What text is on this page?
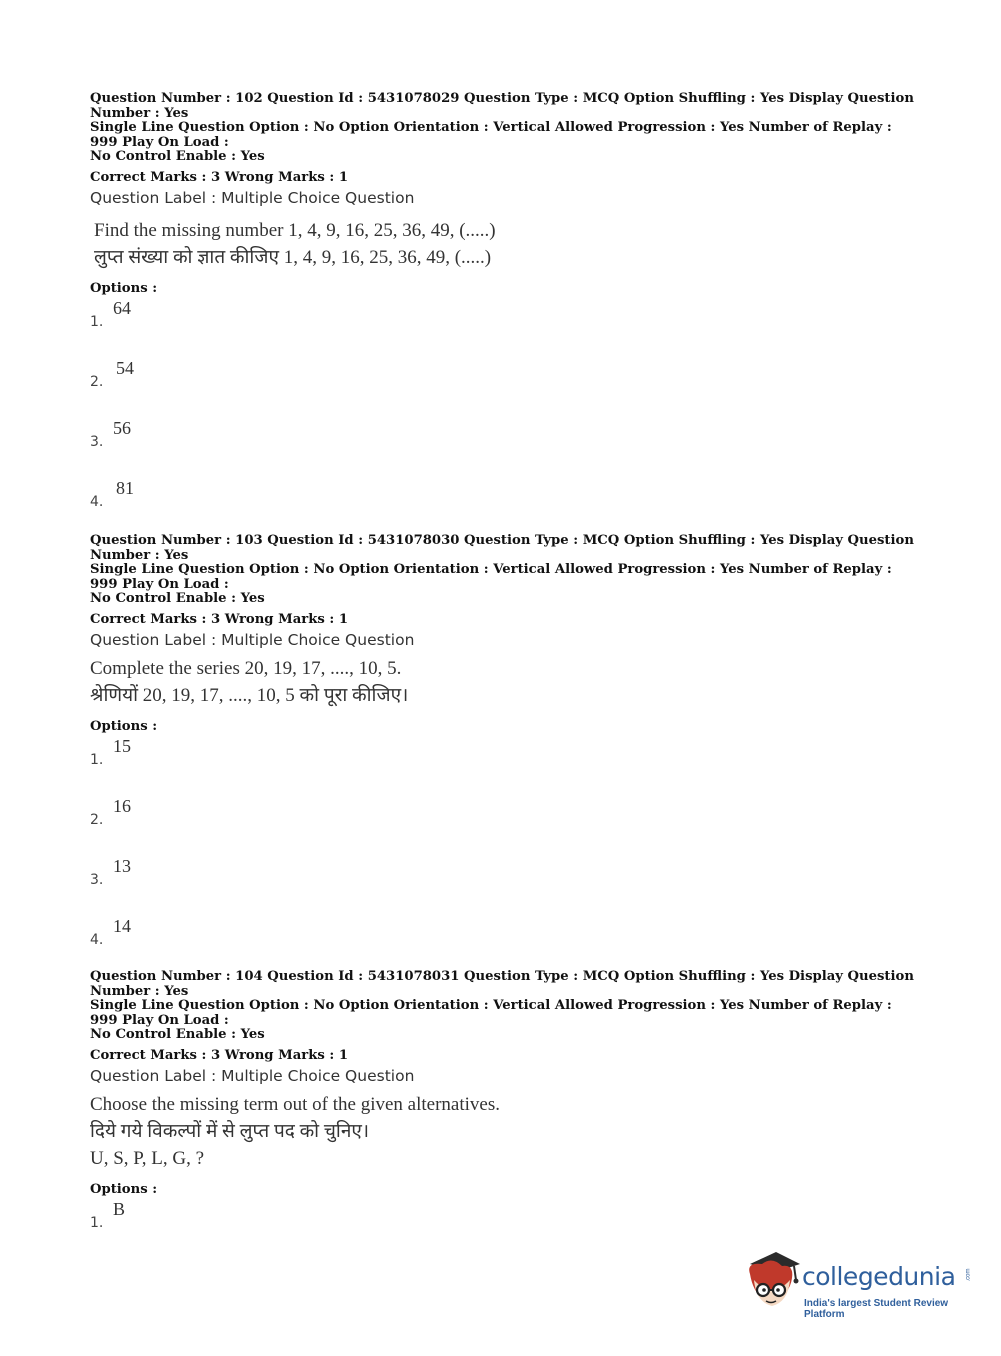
Question Number : 102 Question Id : 5431078029 Question Type : MCQ Option Shuffling : Yes Display Question Number : Yes

Single Line Question Option : No Option Orientation : Vertical Allowed Progression : Yes Number of Replay : 999 Play On Load :

No Control Enable : Yes

Correct Marks : 3 Wrong Marks : 1
Question Label : Multiple Choice Question
Find the missing number 1, 4, 9, 16, 25, 36, 49, (.....)
लुप्त संख्या को ज्ञात कीजिए 1, 4, 9, 16, 25, 36, 49, (.....)
Options :
1.
64
2.
54
3.
56
4.
81

Question Number : 103 Question Id : 5431078030 Question Type : MCQ Option Shuffling : Yes Display Question Number : Yes

Single Line Question Option : No Option Orientation : Vertical Allowed Progression : Yes Number of Replay : 999 Play On Load :

No Control Enable : Yes

Correct Marks : 3 Wrong Marks : 1
Question Label : Multiple Choice Question
Complete the series 20, 19, 17, ...., 10, 5.
श्रेणियों 20, 19, 17, ...., 10, 5 को पूरा कीजिए।
Options :
1.
15
2.
16
3.
13
4.
14

Question Number : 104 Question Id : 5431078031 Question Type : MCQ Option Shuffling : Yes Display Question Number : Yes

Single Line Question Option : No Option Orientation : Vertical Allowed Progression : Yes Number of Replay : 999 Play On Load :

No Control Enable : Yes

Correct Marks : 3 Wrong Marks : 1
Question Label : Multiple Choice Question
Choose the missing term out of the given alternatives.
दिये गये विकल्पों में से लुप्त पद को चुनिए।
U, S, P, L, G, ?
Options :
1.
B
collegedunia .com
India's largest Student Review Platform
